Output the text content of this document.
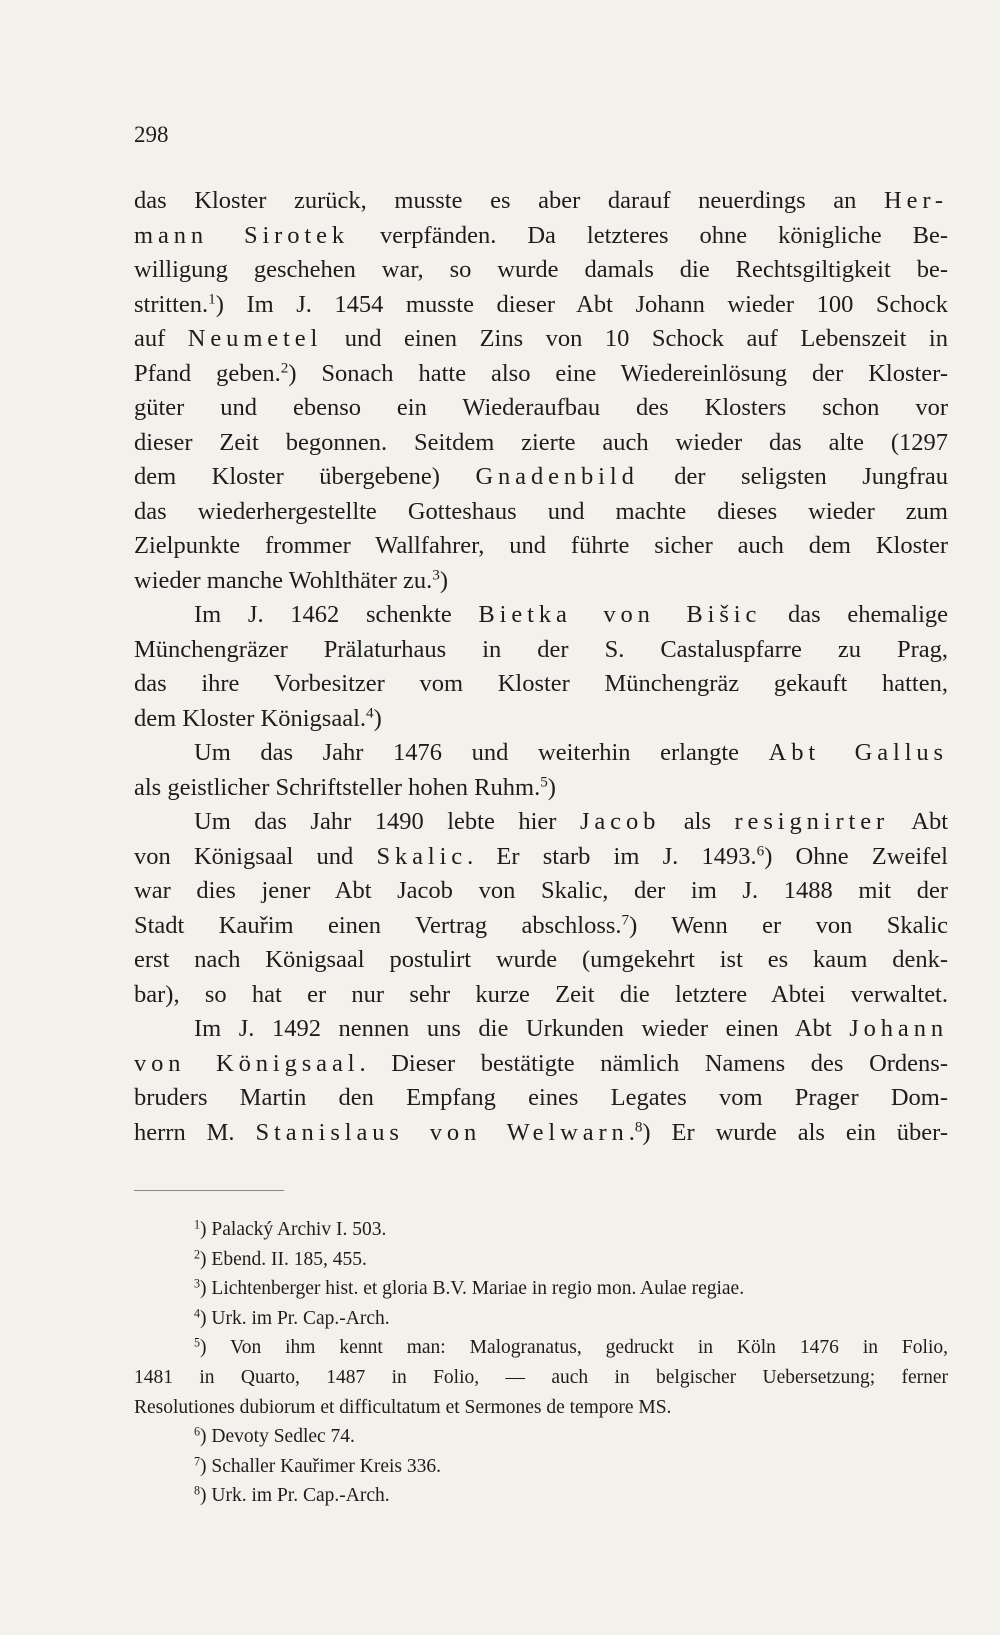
298
das Kloster zurück, musste es aber darauf neuerdings an Her-
mann Sirotek verpfänden. Da letzteres ohne königliche Be-
willigung geschehen war, so wurde damals die Rechtsgiltigkeit be-
stritten.$^1$) Im J. 1454 musste dieser Abt Johann wieder 100 Schock
auf Neumetel und einen Zins von 10 Schock auf Lebenszeit in
Pfand geben.$^2$) Sonach hatte also eine Wiedereinlösung der Kloster-
güter und ebenso ein Wiederaufbau des Klosters schon vor
dieser Zeit begonnen. Seitdem zierte auch wieder das alte (1297
dem Kloster übergebene) Gnadenbild der seligsten Jungfrau
das wiederhergestellte Gotteshaus und machte dieses wieder zum
Zielpunkte frommer Wallfahrer, und führte sicher auch dem Kloster
wieder manche Wohlthäter zu.$^3$)
Im J. 1462 schenkte Bietka von Bišic das ehemalige
Münchengräzer Prälaturhaus in der S. Castaluspfarre zu Prag,
das ihre Vorbesitzer vom Kloster Münchengräz gekauft hatten,
dem Kloster Königsaal.$^4$)
Um das Jahr 1476 und weiterhin erlangte Abt Gallus
als geistlicher Schriftsteller hohen Ruhm.$^5$)
Um das Jahr 1490 lebte hier Jacob als resignirter Abt
von Königsaal und Skalic. Er starb im J. 1493.$^6$) Ohne Zweifel
war dies jener Abt Jacob von Skalic, der im J. 1488 mit der
Stadt Kauřim einen Vertrag abschloss.$^7$) Wenn er von Skalic
erst nach Königsaal postulirt wurde (umgekehrt ist es kaum denk-
bar), so hat er nur sehr kurze Zeit die letztere Abtei verwaltet.
Im J. 1492 nennen uns die Urkunden wieder einen Abt Johann
von Königsaal. Dieser bestätigte nämlich Namens des Ordens-
bruders Martin den Empfang eines Legates vom Prager Dom-
herrn M. Stanislaus von Welwarn.$^8$) Er wurde als ein über-
$^1$) Palacký Archiv I. 503.
$^2$) Ebend. II. 185, 455.
$^3$) Lichtenberger hist. et gloria B.V. Mariae in regio mon. Aulae regiae.
$^4$) Urk. im Pr. Cap.-Arch.
$^5$) Von ihm kennt man: Malogranatus, gedruckt in Köln 1476 in Folio,
1481 in Quarto, 1487 in Folio, — auch in belgischer Uebersetzung; ferner
Resolutiones dubiorum et difficultatum et Sermones de tempore MS.
$^6$) Devoty Sedlec 74.
$^7$) Schaller Kauřimer Kreis 336.
$^8$) Urk. im Pr. Cap.-Arch.
